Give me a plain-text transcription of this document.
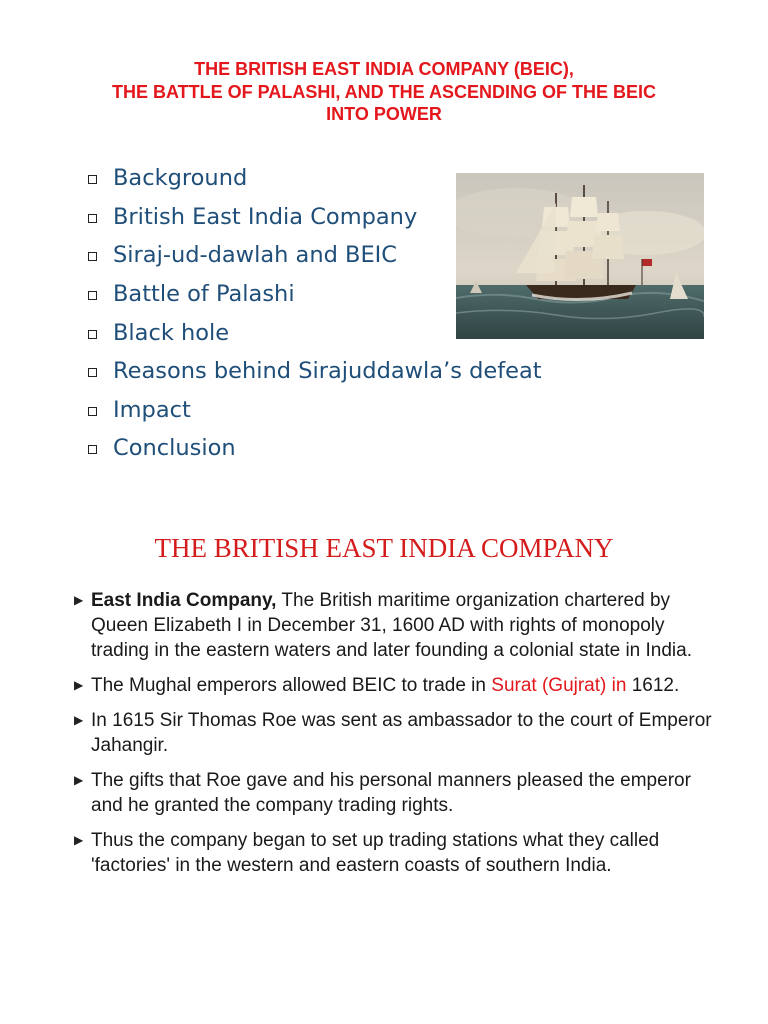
THE BRITISH EAST INDIA COMPANY (BEIC),
THE BATTLE OF PALASHI, AND THE ASCENDING OF THE BEIC
INTO POWER
Background
British East India Company
Siraj-ud-dawlah and BEIC
Battle of Palashi
Black hole
Reasons behind Sirajuddawla’s defeat
Impact
Conclusion
THE BRITISH EAST INDIA COMPANY
▶ East India Company, The British maritime organization chartered by Queen Elizabeth I in December 31, 1600 AD with rights of monopoly trading in the eastern waters and later founding a colonial state in India.
▶ The Mughal emperors allowed BEIC to trade in Surat (Gujrat) in 1612.
▶ In 1615 Sir Thomas Roe was sent as ambassador to the court of Emperor Jahangir.
▶ The gifts that Roe gave and his personal manners pleased the emperor and he granted the company trading rights.
▶ Thus the company began to set up trading stations what they called 'factories' in the western and eastern coasts of southern India.
